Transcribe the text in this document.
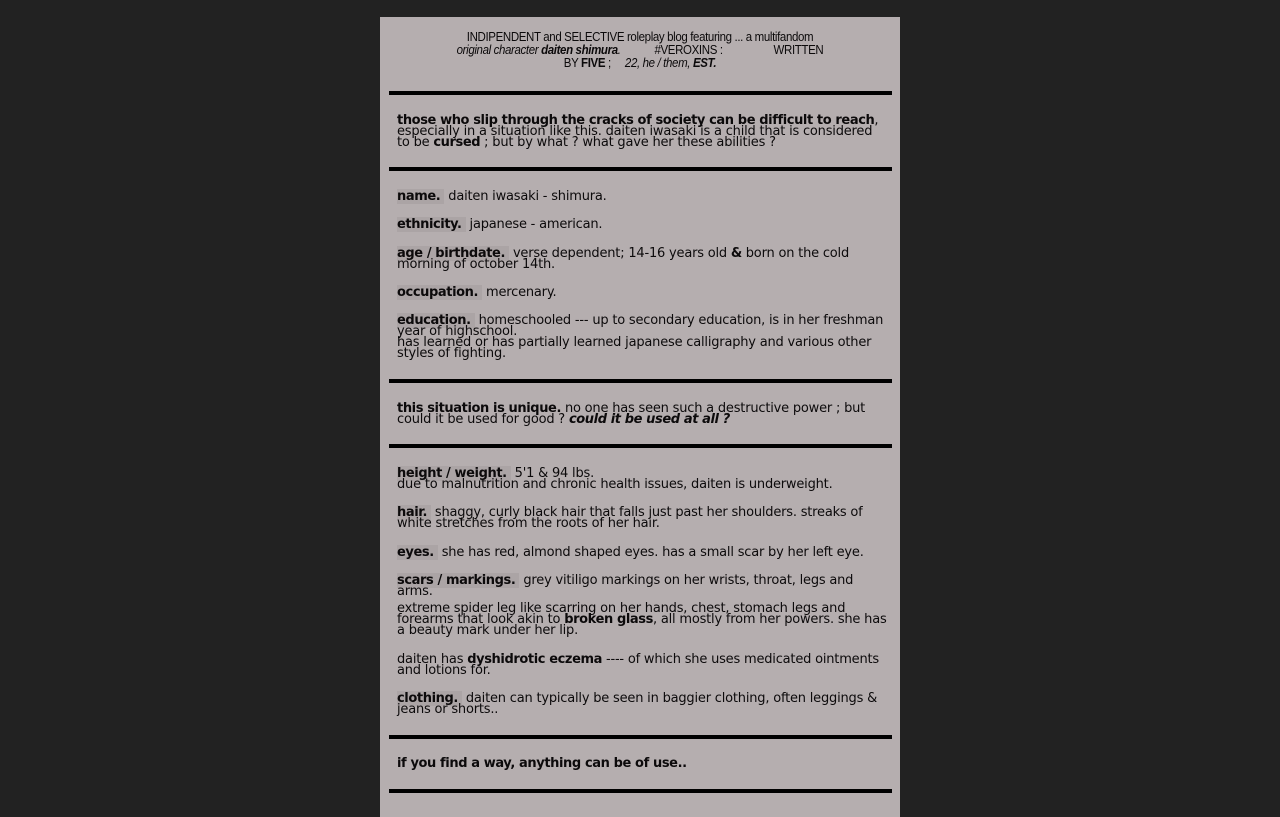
INDIPENDENT and SELECTIVE roleplay blog featuring ... a multifandom
original character daiten shimura.	#VEROXINS :	WRITTEN
BY FIVE ; 22, he / them, EST.
those who slip through the cracks of society can be difficult to reach, especially in a situation like this. daiten iwasaki is a child that is considered to be cursed ; but by what ? what gave her these abilities ?
name. daiten iwasaki - shimura.
ethnicity. japanese - american.
age / birthdate. verse dependent; 14-16 years old & born on the cold morning of october 14th.
occupation. mercenary.
education. homeschooled --- up to secondary education, is in her freshman year of highschool.
has learned or has partially learned japanese calligraphy and various other styles of fighting.
this situation is unique. no one has seen such a destructive power ; but could it be used for good ? could it be used at all ?
height / weight. 5'1 & 94 lbs.
due to malnutrition and chronic health issues, daiten is underweight.
hair. shaggy, curly black hair that falls just past her shoulders. streaks of white stretches from the roots of her hair.
eyes. she has red, almond shaped eyes. has a small scar by her left eye.
scars / markings. grey vitiligo markings on her wrists, throat, legs and arms.
extreme spider leg like scarring on her hands, chest, stomach legs and forearms that look akin to broken glass, all mostly from her powers. she has a beauty mark under her lip.
daiten has dyshidrotic eczema ---- of which she uses medicated ointments and lotions for.
clothing. daiten can typically be seen in baggier clothing, often leggings & jeans or shorts..
if you find a way, anything can be of use..
